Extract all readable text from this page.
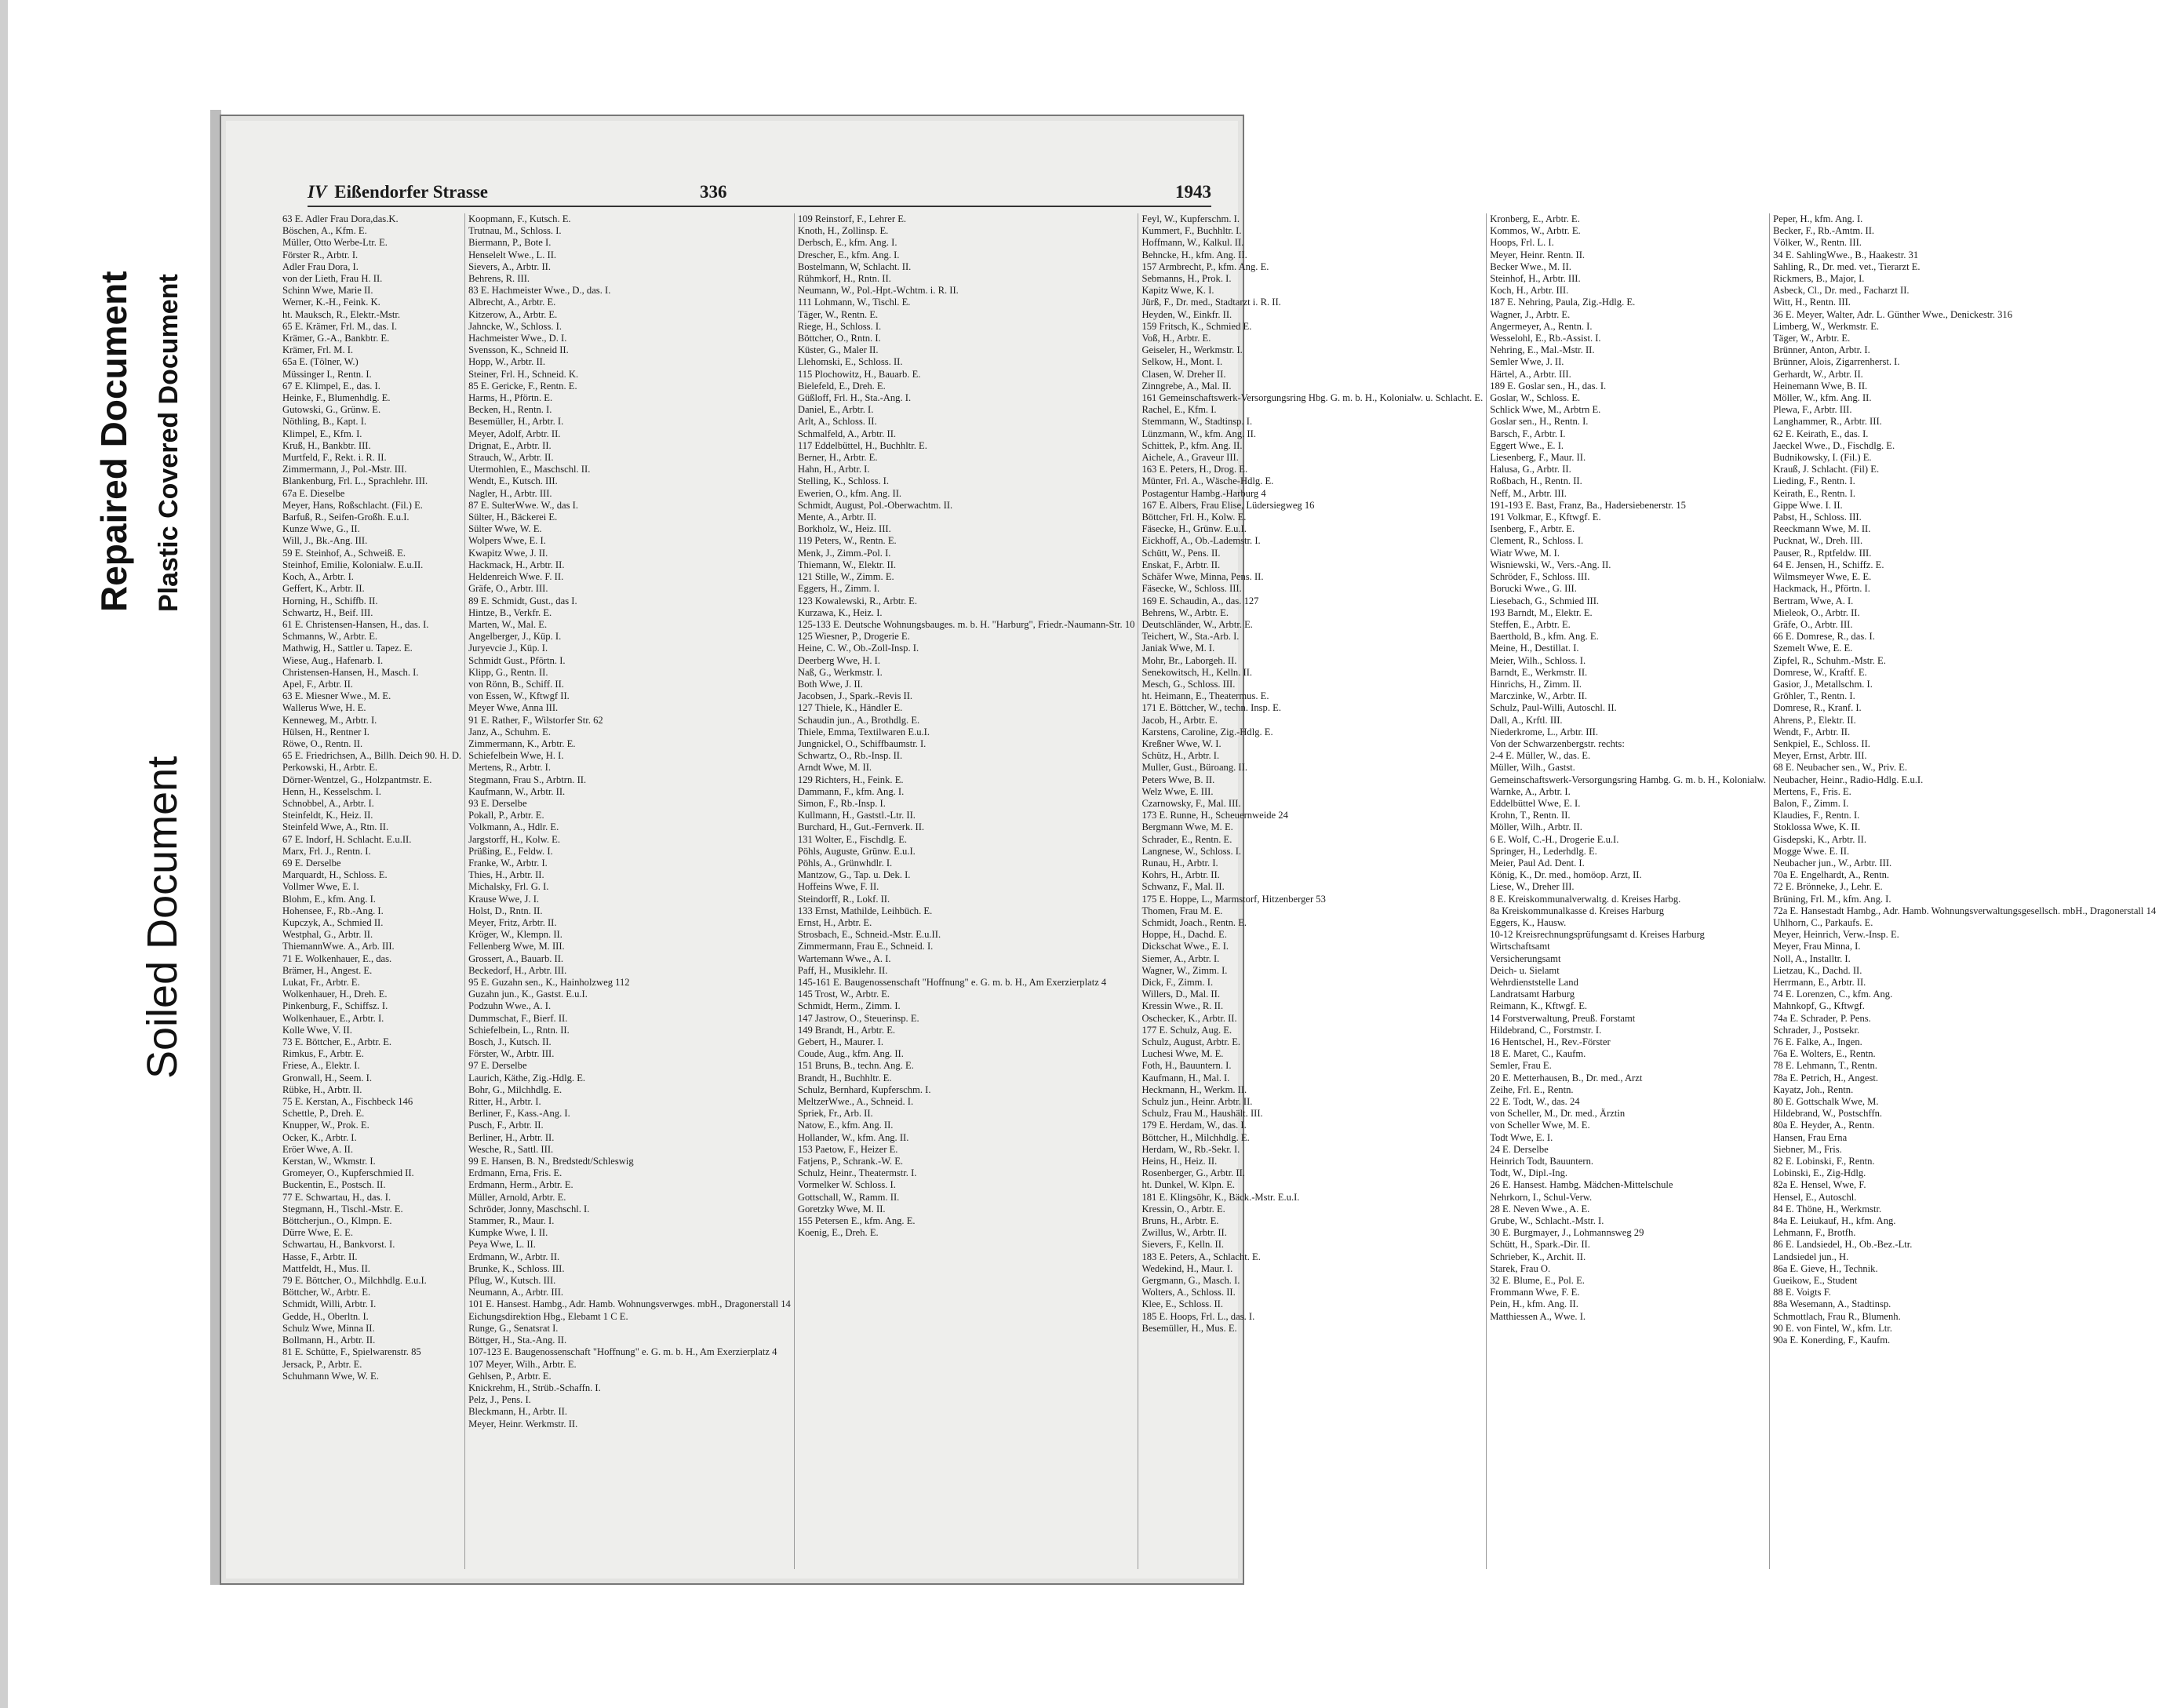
Repaired Document Plastic Covered Document
Soiled Document
IV Eißendorfer Strasse	336	1943
63 E. Adler Frau Dora,das.K.
Böschen, A., Kfm. E.
Müller, Otto Werbe-Ltr. E.
Förster R., Arbtr. I.
Adler Frau Dora, I.
von der Lieth, Frau H. II.
Schinn Wwe, Marie II.
Werner, K.-H., Feink. K.
ht. Mauksch, R., Elektr.-Mstr.
65 E. Krämer, Frl. M., das. I.
Krämer, G.-A., Bankbtr. E.
Krämer, Frl. M. I.
65a E. (Tölner, W.)
Müssinger I., Rentn. I.
67 E. Klimpel, E., das. I.
Heinke, F., Blumenhdlg. E.
Gutowski, G., Grünw. E.
Nöthling, B., Kapt. I.
Klimpel, E., Kfm. I.
Kruß, H., Bankbtr. III.
Murtfeld, F., Rekt. i. R. II.
Zimmermann, J., Pol.-Mstr. III.
Blankenburg, Frl. L., Sprachlehr. III.
67a E. Dieselbe
Meyer, Hans, Roßschlacht. (Fil.) E.
Barfuß, R., Seifen-Großh. E.u.I.
Kunze Wwe, G., II.
Will, J., Bk.-Ang. III.
59 E. Steinhof, A., Schweiß. E.
Steinhof, Emilie, Kolonialw. E.u.II.
Koch, A., Arbtr. I.
Geffert, K., Arbtr. II.
Horning, H., Schiffb. II.
Schwartz, H., Beif. III.
61 E. Christensen-Hansen, H., das. I.
Schmanns, W., Arbtr. E.
Mathwig, H., Sattler u. Tapez. E.
Wiese, Aug., Hafenarb. I.
Christensen-Hansen, H., Masch. I.
Apel, F., Arbtr. II.
63 E. Miesner Wwe., M. E.
Wallerus Wwe, H. E.
Kenneweg, M., Arbtr. I.
Hülsen, H., Rentner I.
Röwe, O., Rentn. II.
65 E. Friedrichsen, A., Billh. Deich 90. H. D.
Perkowski, H., Arbtr. E.
Dörner-Wentzel, G., Holzpantmstr. E.
Henn, H., Kesselschm. I.
Schnobbel, A., Arbtr. I.
Steinfeldt, K., Heiz. II.
Steinfeld Wwe, A., Rtn. II.
67 E. Indorf, H. Schlacht. E.u.II.
Marx, Frl. J., Rentn. I.
69 E. Derselbe
Marquardt, H., Schloss. E.
Vollmer Wwe, E. I.
Blohm, E., kfm. Ang. I.
Hohensee, F., Rb.-Ang. I.
Kupczyk, A., Schmied II.
Westphal, G., Arbtr. II.
ThiemannWwe. A., Arb. III.
71 E. Wolkenhauer, E., das.
Brämer, H., Angest. E.
Lukat, Fr., Arbtr. E.
Wolkenhauer, H., Dreh. E.
Pinkenburg, F., Schiffsz. I.
Wolkenhauer, E., Arbtr. I.
Kolle Wwe, V. II.
73 E. Böttcher, E., Arbtr. E.
Rimkus, F., Arbtr. E.
Friese, A., Elektr. I.
Gronwall, H., Seem. I.
Rübke, H., Arbtr. II.
75 E. Kerstan, A., Fischbeck 146
Schettle, P., Dreh. E.
Knupper, W., Prok. E.
Ocker, K., Arbtr. I.
Eröer Wwe, A. II.
Kerstan, W., Wkmstr. I.
Gromeyer, O., Kupferschmied II.
Buckentin, E., Postsch. II.
77 E. Schwartau, H., das. I.
Stegmann, H., Tischl.-Mstr. E.
Böttcherjun., O., Klmpn. E.
Dürre Wwe, E. E.
Schwartau, H., Bankvorst. I.
Hasse, F., Arbtr. II.
Mattfeldt, H., Mus. II.
79 E. Böttcher, O., Milchhdlg. E.u.I.
Böttcher, W., Arbtr. E.
Schmidt, Willi, Arbtr. I.
Gedde, H., Oberltn. I.
Schulz Wwe, Minna II.
Bollmann, H., Arbtr. II.
81 E. Schütte, F., Spielwarenstr. 85
Jersack, P., Arbtr. E.
Schuhmann Wwe, W. E.
Koopmann, F., Kutsch. E.
Trutnau, M., Schloss. I.
Biermann, P., Bote I.
Henselelt Wwe., L. II.
Sievers, A., Arbtr. II.
Behrens, R. III.
83 E. Hachmeister Wwe., D., das. I.
Albrecht, A., Arbtr. E.
Kitzerow, A., Arbtr. E.
Jahncke, W., Schloss. I.
Hachmeister Wwe., D. I.
Svensson, K., Schneid II.
Hopp, W., Arbtr. II.
Steiner, Frl. H., Schneid. K.
85 E. Gericke, F., Rentn. E.
Harms, H., Pförtn. E.
Becken, H., Rentn. I.
Besemüller, H., Arbtr. I.
Meyer, Adolf, Arbtr. II.
Drignat, E., Arbtr. II.
Strauch, W., Arbtr. II.
Utermohlen, E., Maschschl. II.
Wendt, E., Kutsch. III.
Nagler, H., Arbtr. III.
87 E. SulterWwe. W., das I.
Sülter, H., Bäckerei E.
Sülter Wwe, W. E.
Wolpers Wwe, E. I.
Kwapitz Wwe, J. II.
Hackmack, H., Arbtr. II.
Heldenreich Wwe. F. II.
Gräfe, O., Arbtr. III.
89 E. Schmidt, Gust., das I.
Hintze, B., Verkfr. E.
Marten, W., Mal. E.
Angelberger, J., Küp. I.
Juryevcie J., Küp. I.
Schmidt Gust., Pförtn. I.
Klipp, G., Rentn. II.
von Rönn, B., Schiff. II.
von Essen, W., Kftwgf II.
Meyer Wwe, Anna III.
91 E. Rather, F., Wilstorfer Str. 62
Janz, A., Schuhm. E.
Zimmermann, K., Arbtr. E.
Schiefelbein Wwe, H. I.
Mertens, R., Arbtr. I.
Stegmann, Frau S., Arbtrn. II.
Kaufmann, W., Arbtr. II.
93 E. Derselbe
Pokall, P., Arbtr. E.
Volkmann, A., Hdlr. E.
Jargstorff, H., Kolw. E.
Prüßing, E., Feldw. I.
Franke, W., Arbtr. I.
Thies, H., Arbtr. II.
Michalsky, Frl. G. I.
Krause Wwe, J. I.
Holst, D., Rntn. II.
Meyer, Fritz, Arbtr. II.
Kröger, W., Klempn. II.
Fellenberg Wwe, M. III.
Grossert, A., Bauarb. II.
Beckedorf, H., Arbtr. III.
95 E. Guzahn sen., K., Hainholzweg 112
Guzahn jun., K., Gastst. E.u.I.
Podzuhn Wwe., A. I.
Dummschat, F., Bierf. II.
Schiefelbein, L., Rntn. II.
Bosch, J., Kutsch. II.
Förster, W., Arbtr. III.
97 E. Derselbe
Laurich, Käthe, Zig.-Hdlg. E.
Bohr, G., Milchhdlg. E.
Ritter, H., Arbtr. I.
Berliner, F., Kass.-Ang. I.
Pusch, F., Arbtr. II.
Berliner, H., Arbtr. II.
Wesche, R., Sattl. III.
99 E. Hansen, B. N., Bredstedt/Schleswig
Erdmann, Erna, Fris. E.
Erdmann, Herm., Arbtr. E.
Müller, Arnold, Arbtr. E.
Schröder, Jonny, Maschschl. I.
Stammer, R., Maur. I.
Kumpke Wwe, I. II.
Peya Wwe, L. II.
Erdmann, W., Arbtr. II.
Brunke, K., Schloss. III.
Pflug, W., Kutsch. III.
Neumann, A., Arbtr. III.
101 E. Hansest. Hambg., Adr. Hamb. Wohnungsverwges. mbH., Dragonerstall 14
Eichungsdirektion Hbg., Elebamt 1 C E.
Runge, G., Senatsrat I.
Böttger, H., Sta.-Ang. II.
107-123 E. Baugenossenschaft "Hoffnung" e. G. m. b. H., Am Exerzierplatz 4
107 Meyer, Wilh., Arbtr. E.
Gehlsen, P., Arbtr. E.
Knickrehm, H., Strüb.-Schaffn. I.
Pelz, J., Pens. I.
Bleckmann, H., Arbtr. II.
Meyer, Heinr. Werkmstr. II.
109 Reinstorf, F., Lehrer E.
Knoth, H., Zollinsp. E.
Derbsch, E., kfm. Ang. I.
Drescher, E., kfm. Ang. I.
Bostelmann, W, Schlacht. II.
Rühmkorf, H., Rntn. II.
Neumann, W., Pol.-Hpt.-Wchtm. i. R. II.
111 Lohmann, W., Tischl. E.
Täger, W., Rentn. E.
Riege, H., Schloss. I.
Böttcher, O., Rntn. I.
Küster, G., Maler II.
Llehomski, E., Schloss. II.
115 Plochowitz, H., Bauarb. E.
Bielefeld, E., Dreh. E.
Güßloff, Frl. H., Sta.-Ang. I.
Daniel, E., Arbtr. I.
Arlt, A., Schloss. II.
Schmalfeld, A., Arbtr. II.
117 Eddelbüttel, H., Buchhltr. E.
Berner, H., Arbtr. E.
Hahn, H., Arbtr. I.
Stelling, K., Schloss. I.
Ewerien, O., kfm. Ang. II.
Schmidt, August, Pol.-Oberwachtm. II.
Mente, A., Arbtr. II.
Borkholz, W., Heiz. III.
119 Peters, W., Rentn. E.
Menk, J., Zimm.-Pol. I.
Thiemann, W., Elektr. II.
121 Stille, W., Zimm. E.
Eggers, H., Zimm. I.
123 Kowalewski, R., Arbtr. E.
Kurzawa, K., Heiz. I.
125-133 E. Deutsche Wohnungsbauges. m. b. H. "Harburg", Friedr.-Naumann-Str. 10
125 Wiesner, P., Drogerie E.
Heine, C. W., Ob.-Zoll-Insp. I.
Deerberg Wwe, H. I.
Naß, G., Werkmstr. I.
Both Wwe, J. II.
Jacobsen, J., Spark.-Revis II.
127 Thiele, K., Händler E.
Schaudin jun., A., Brothdlg. E.
Thiele, Emma, Textilwaren E.u.I.
Jungnickel, O., Schiffbaumstr. I.
Schwartz, O., Rb.-Insp. II.
Arndt Wwe, M. II.
129 Richters, H., Feink. E.
Dammann, F., kfm. Ang. I.
Simon, F., Rb.-Insp. I.
Kullmann, H., Gaststl.-Ltr. II.
Burchard, H., Gut.-Fernverk. II.
131 Wolter, E., Fischdlg. E.
Pöhls, Auguste, Grünw. E.u.I.
Pöhls, A., Grünwhdlr. I.
Mantzow, G., Tap. u. Dek. I.
Hoffeins Wwe, F. II.
Steindorff, R., Lokf. II.
133 Ernst, Mathilde, Leihbüch. E.
Ernst, H., Arbtr. E.
Strosbach, E., Schneid.-Mstr. E.u.II.
Zimmermann, Frau E., Schneid. I.
Wartemann Wwe., A. I.
Paff, H., Musiklehr. II.
145-161 E. Baugenossenschaft "Hoffnung" e. G. m. b. H., Am Exerzierplatz 4
145 Trost, W., Arbtr. E.
Schmidt, Herm., Zimm. I.
147 Jastrow, O., Steuerinsp. E.
149 Brandt, H., Arbtr. E.
Gebert, H., Maurer. I.
Coude, Aug., kfm. Ang. II.
151 Bruns, B., techn. Ang. E.
Brandt, H., Buchhltr. E.
Schulz, Bernhard, Kupferschm. I.
MeltzerWwe., A., Schneid. I.
Spriek, Fr., Arb. II.
Natow, E., kfm. Ang. II.
Hollander, W., kfm. Ang. II.
153 Paetow, F., Heizer E.
Fatjens, P., Schrank.-W. E.
Schulz, Heinr., Theatermstr. I.
Vormelker W. Schloss. I.
Gottschall, W., Ramm. II.
Goretzky Wwe, M. II.
155 Petersen E., kfm. Ang. E.
Koenig, E., Dreh. E.
Feyl, W., Kupferschm. I.
Kummert, F., Buchhltr. I.
Hoffmann, W., Kalkul. II.
Behncke, H., kfm. Ang. II.
157 Armbrecht, P., kfm. Ang. E.
Sebmanns, H., Prok. I.
Kapitz Wwe, K. I.
Jürß, F., Dr. med., Stadtarzt i. R. II.
Heyden, W., Einkfr. II.
159 Fritsch, K., Schmied E.
Voß, H., Arbtr. E.
Geiseler, H., Werkmstr. I.
Selkow, H., Mont. I.
Clasen, W. Dreher II.
Zinngrebe, A., Mal. II.
161 Gemeinschaftswerk-Versorgungsring Hbg. G. m. b. H., Kolonialw. u. Schlacht. E.
Rachel, E., Kfm. I.
Stemmann, W., Stadtinsp. I.
Lünzmann, W., kfm. Ang. II.
Schittek, P., kfm. Ang. II.
Aichele, A., Graveur III.
163 E. Peters, H., Drog. E.
Münter, Frl. A., Wäsche-Hdlg. E.
Postagentur Hambg.-Harburg 4
167 E. Albers, Frau Elise, Lüdersiegweg 16
Böttcher, Frl. H., Kolw. E.
Fäsecke, H., Grünw. E.u.I.
Eickhoff, A., Ob.-Lademstr. I.
Schütt, W., Pens. II.
Enskat, F., Arbtr. II.
Schäfer Wwe, Minna, Pens. II.
Fäsecke, W., Schloss. III.
169 E. Schaudin, A., das. 127
Behrens, W., Arbtr. E.
Deutschländer, W., Arbtr. E.
Teichert, W., Sta.-Arb. I.
Janiak Wwe, M. I.
Mohr, Br., Laborgeh. II.
Senekowitsch, H., Kelln. II.
Mesch, G., Schloss. III.
ht. Heimann, E., Theatermus. E.
171 E. Böttcher, W., techn. Insp. E.
Jacob, H., Arbtr. E.
Karstens, Caroline, Zig.-Hdlg. E.
Kreßner Wwe, W. I.
Schütz, H., Arbtr. I.
Muller, Gust., Büroang. II.
Peters Wwe, B. II.
Welz Wwe, E. III.
Czarnowsky, F., Mal. III.
173 E. Runne, H., Scheuernweide 24
Bergmann Wwe, M. E.
Schrader, E., Rentn. E.
Langnese, W., Schloss. I.
Runau, H., Arbtr. I.
Kohrs, H., Arbtr. II.
Schwanz, F., Mal. II.
175 E. Hoppe, L., Marmstorf, Hitzenberger 53
Thomen, Frau M. E.
Schmidt, Joach., Rentn. E.
Hoppe, H., Dachd. E.
Dickschat Wwe., E. I.
Siemer, A., Arbtr. I.
Wagner, W., Zimm. I.
Dick, F., Zimm. I.
Willers, D., Mal. II.
Kressin Wwe., R. II.
Oschecker, K., Arbtr. II.
177 E. Schulz, Aug. E.
Schulz, August, Arbtr. E.
Luchesi Wwe, M. E.
Foth, H., Bauuntern. I.
Kaufmann, H., Mal. I.
Heckmann, H., Werkm. II.
Schulz jun., Heinr. Arbtr. II.
Schulz, Frau M., Haushält. III.
179 E. Herdam, W., das. I.
Böttcher, H., Milchhdlg. E.
Herdam, W., Rb.-Sekr. I.
Heins, H., Heiz. II.
Rosenberger, G., Arbtr. II.
ht. Dunkel, W. Klpn. E.
181 E. Klingsöhr, K., Bäck.-Mstr. E.u.I.
Kressin, O., Arbtr. E.
Bruns, H., Arbtr. E.
Zwillus, W., Arbtr. II.
Sievers, F., Kelln. II.
183 E. Peters, A., Schlacht. E.
Wedekind, H., Maur. I.
Gergmann, G., Masch. I.
Wolters, A., Schloss. II.
Klee, E., Schloss. II.
185 E. Hoops, Frl. L., das. I.
Besemüller, H., Mus. E.
Kronberg, E., Arbtr. E.
Kommos, W., Arbtr. E.
Hoops, Frl. L. I.
Meyer, Heinr. Rentn. II.
Becker Wwe., M. II.
Steinhof, H., Arbtr. III.
Koch, H., Arbtr. III.
187 E. Nehring, Paula, Zig.-Hdlg. E.
Wagner, J., Arbtr. E.
Angermeyer, A., Rentn. I.
Wesselohl, E., Rb.-Assist. I.
Nehring, E., Mal.-Mstr. II.
Semler Wwe, J. II.
Härtel, A., Arbtr. III.
189 E. Goslar sen., H., das. I.
Goslar, W., Schloss. E.
Schlick Wwe, M., Arbtrn E.
Goslar sen., H., Rentn. I.
Barsch, F., Arbtr. I.
Eggert Wwe., E. I.
Liesenberg, F., Maur. II.
Halusa, G., Arbtr. II.
Roßbach, H., Rentn. II.
Neff, M., Arbtr. III.
191-193 E. Bast, Franz, Ba., Hadersiebenerstr. 15
191 Volkmar, E., Kftwgf. E.
Isenberg, F., Arbtr. E.
Clement, R., Schloss. I.
Wiatr Wwe, M. I.
Wisniewski, W., Vers.-Ang. II.
Schröder, F., Schloss. III.
Borucki Wwe., G. III.
Liesebach, G., Schmied III.
193 Barndt, M., Elektr. E.
Steffen, E., Arbtr. E.
Baerthold, B., kfm. Ang. E.
Meine, H., Destillat. I.
Meier, Wilh., Schloss. I.
Barndt, E., Werkmstr. II.
Hinrichs, H., Zimm. II.
Marczinke, W., Arbtr. II.
Schulz, Paul-Willi, Autoschl. II.
Dall, A., Krftl. III.
Niederkrome, L., Arbtr. III.
Von der Schwarzenbergstr. rechts:
2-4 E. Müller, W., das. E.
Müller, Wilh., Gastst.
Gemeinschaftswerk-Versorgungsring Hambg. G. m. b. H., Kolonialw.
Warnke, A., Arbtr. I.
Eddelbüttel Wwe, E. I.
Krohn, T., Rentn. II.
Möller, Wilh., Arbtr. II.
6 E. Wolf, C.-H., Drogerie E.u.I.
Springer, H., Lederhdlg. E.
Meier, Paul Ad. Dent. I.
König, K., Dr. med., homöop. Arzt, II.
Liese, W., Dreher III.
8 E. Kreiskommunalverwaltg. d. Kreises Harbg.
8a Kreiskommunalkasse d. Kreises Harburg
Eggers, K., Hausw.
10-12 Kreisrechnungsprüfungsamt d. Kreises Harburg
Wirtschaftsamt
Versicherungsamt
Deich- u. Sielamt
Wehrdienststelle Land
Landratsamt Harburg
Reimann, K., Kftwgf. E.
14 Forstverwaltung, Preuß. Forstamt
Hildebrand, C., Forstmstr. I.
16 Hentschel, H., Rev.-Förster
18 E. Maret, C., Kaufm.
Semler, Frau E.
20 E. Metterhausen, B., Dr. med., Arzt
Zeihe, Frl. E., Rentn.
22 E. Todt, W., das. 24
von Scheller, M., Dr. med., Ärztin
von Scheller Wwe, M. E.
Todt Wwe, E. I.
24 E. Derselbe
Heinrich Todt, Bauuntern.
Todt, W., Dipl.-Ing.
26 E. Hansest. Hambg. Mädchen-Mittelschule
Nehrkorn, I., Schul-Verw.
28 E. Neven Wwe., A. E.
Grube, W., Schlacht.-Mstr. I.
30 E. Burgmayer, J., Lohmannsweg 29
Schütt, H., Spark.-Dir. II.
Schrieber, K., Archit. II.
Starek, Frau O.
32 E. Blume, E., Pol. E.
Frommann Wwe, F. E.
Pein, H., kfm. Ang. II.
Matthiessen A., Wwe. I.
Peper, H., kfm. Ang. I.
Becker, F., Rb.-Amtm. II.
Völker, W., Rentn. III.
34 E. SahlingWwe., B., Haakestr. 31
Sahling, R., Dr. med. vet., Tierarzt E.
Rickmers, B., Major, I.
Asbeck, Cl., Dr. med., Facharzt II.
Witt, H., Rentn. III.
36 E. Meyer, Walter, Adr. L. Günther Wwe., Denickestr. 316
Limberg, W., Werkmstr. E.
Täger, W., Arbtr. E.
Brünner, Anton, Arbtr. I.
Brünner, Alois, Zigarrenherst. I.
Gerhardt, W., Arbtr. II.
Heinemann Wwe, B. II.
Möller, W., kfm. Ang. II.
Plewa, F., Arbtr. III.
Langhammer, R., Arbtr. III.
62 E. Keirath, E., das. I.
Jaeckel Wwe., D., Fischdlg. E.
Budnikowsky, I. (Fil.) E.
Krauß, J. Schlacht. (Fil) E.
Lieding, F., Rentn. I.
Keirath, E., Rentn. I.
Gippe Wwe. I. II.
Pabst, H., Schloss. III.
Reeckmann Wwe, M. II.
Pucknat, W., Dreh. III.
Pauser, R., Rptfeldw. III.
64 E. Jensen, H., Schiffz. E.
Wilmsmeyer Wwe, E. E.
Hackmack, H., Pförtn. I.
Bertram, Wwe, A. I.
Mieleok, O., Arbtr. II.
Gräfe, O., Arbtr. III.
66 E. Domrese, R., das. I.
Szemelt Wwe, E. E.
Zipfel, R., Schuhm.-Mstr. E.
Domrese, W., Kraftf. E.
Gasior, J., Metallschm. I.
Gröhler, T., Rentn. I.
Domrese, R., Kranf. I.
Ahrens, P., Elektr. II.
Wendt, F., Arbtr. II.
Senkpiel, E., Schloss. II.
Meyer, Ernst, Arbtr. III.
68 E. Neubacher sen., W., Priv. E.
Neubacher, Heinr., Radio-Hdlg. E.u.I.
Mertens, F., Fris. E.
Balon, F., Zimm. I.
Klaudies, F., Rentn. I.
Stoklossa Wwe, K. II.
Gisdepski, K., Arbtr. II.
Mogge Wwe. E. II.
Neubacher jun., W., Arbtr. III.
70a E. Engelhardt, A., Rentn.
72 E. Brönneke, J., Lehr. E.
Brüning, Frl. M., kfm. Ang. I.
72a E. Hansestadt Hambg., Adr. Hamb. Wohnungsverwaltungsgesellsch. mbH., Dragonerstall 14
Uhlhorn, C., Parkaufs. E.
Meyer, Heinrich, Verw.-Insp. E.
Meyer, Frau Minna, I.
Noll, A., Installtr. I.
Lietzau, K., Dachd. II.
Herrmann, E., Arbtr. II.
74 E. Lorenzen, C., kfm. Ang.
Mahnkopf, G., Kftwgf.
74a E. Schrader, P. Pens.
Schrader, J., Postsekr.
76 E. Falke, A., Ingen.
76a E. Wolters, E., Rentn.
78 E. Lehmann, T., Rentn.
78a E. Petrich, H., Angest.
Kayatz, Joh., Rentn.
80 E. Gottschalk Wwe, M.
Hildebrand, W., Postschffn.
80a E. Heyder, A., Rentn.
Hansen, Frau Erna
Siebner, M., Fris.
82 E. Lobinski, F., Rentn.
Lobinski, E., Zig-Hdlg.
82a E. Hensel, Wwe, F.
Hensel, E., Autoschl.
84 E. Thöne, H., Werkmstr.
84a E. Leiukauf, H., kfm. Ang.
Lehmann, F., Brotfh.
86 E. Landsiedel, H., Ob.-Bez.-Ltr.
Landsiedel jun., H.
86a E. Gieve, H., Technik.
Gueikow, E., Student
88 E. Voigts F.
88a Wesemann, A., Stadtinsp.
Schmottlach, Frau R., Blumenh.
90 E. von Fintel, W., kfm. Ltr.
90a E. Konerding, F., Kaufm.
